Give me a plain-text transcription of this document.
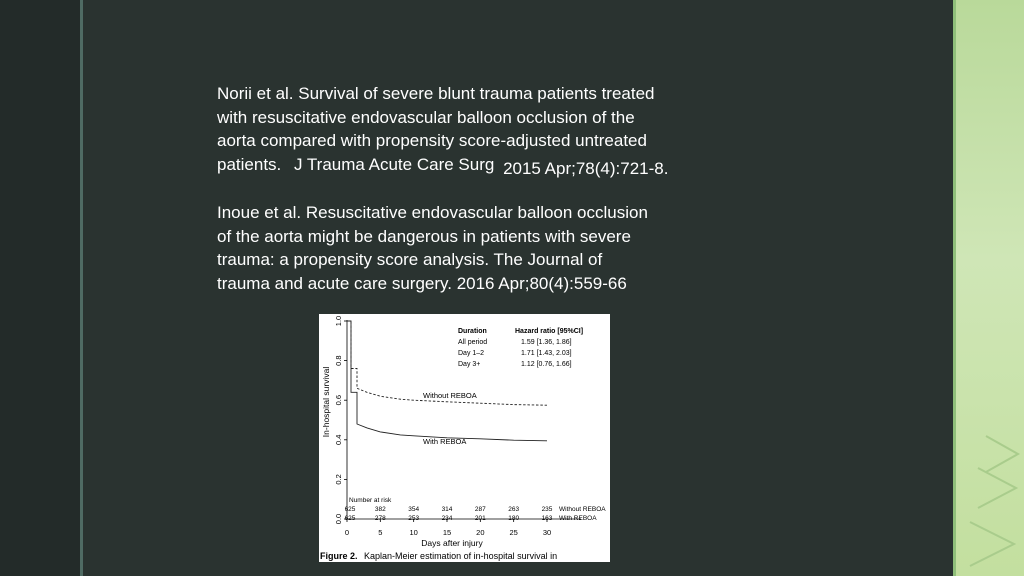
Norii et al. Survival of severe blunt trauma patients treated
with resuscitative endovascular balloon occlusion of the
aorta compared with propensity score-adjusted untreated
patients. J Trauma Acute Care Surg 2015 Apr;78(4):721-8.
Inoue et al. Resuscitative endovascular balloon occlusion
of the aorta might be dangerous in patients with severe
trauma: a propensity score analysis. The Journal of
trauma and acute care surgery. 2016 Apr;80(4):559-66
0.0
0.2
0.4
0.6
0.8
1.0
0	5	10	15	20	25	30
In-hospital survival
Days after injury
Without REBOA
With REBOA
Duration	Hazard ratio [95%CI]
All period	1.59 [1.36, 1.86]
Day 1–2	1.71 [1.43, 2.03]
Day 3+	1.12 [0.76, 1.66]
Number at risk
625	382	354	314	287	263	235
625	278	253	234	201	180	163
Without REBOA
With REBOA
Figure 2. Kaplan-Meier estimation of in-hospital survival in
